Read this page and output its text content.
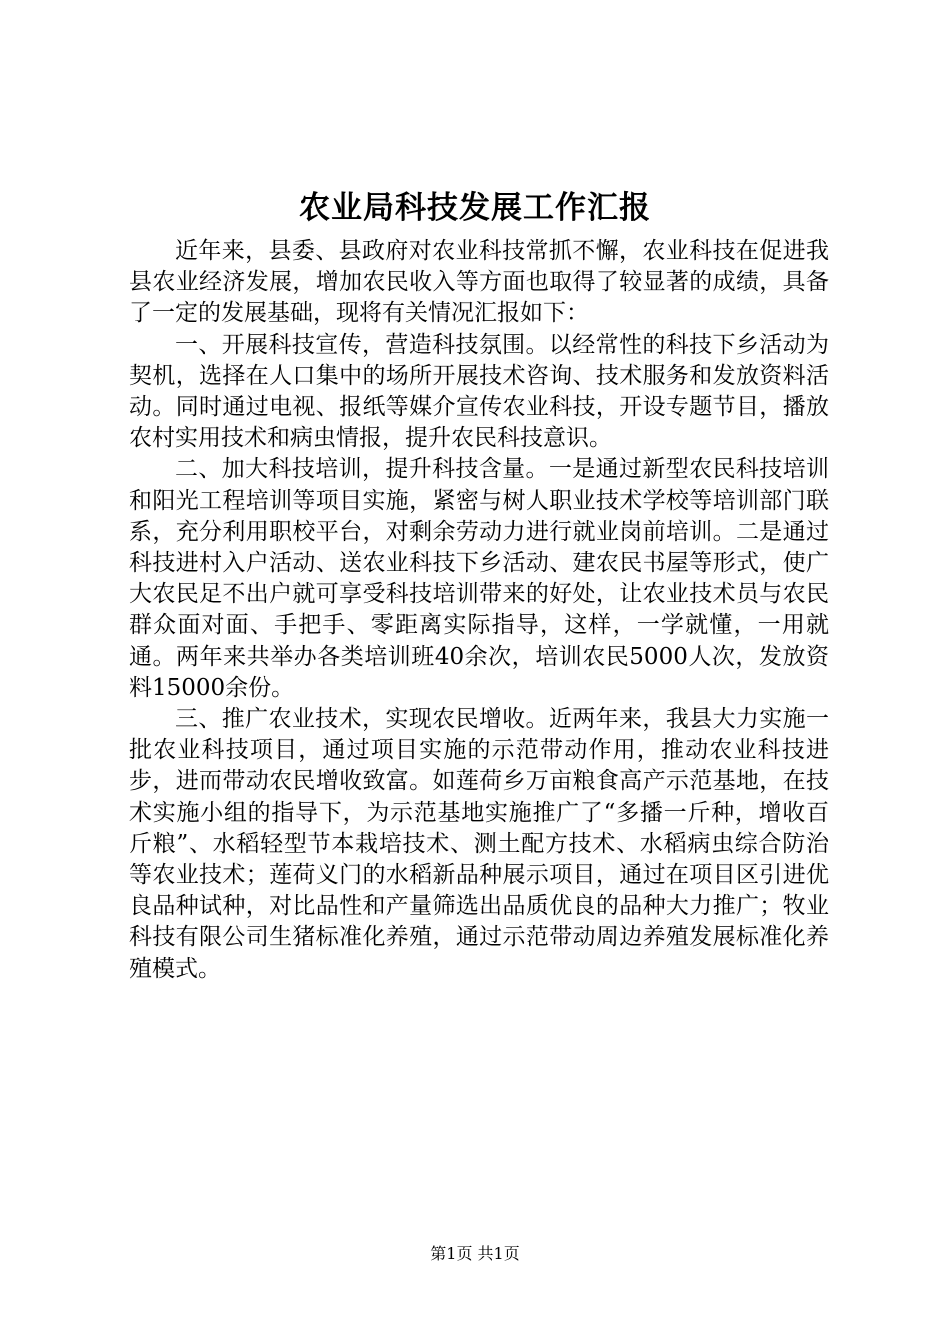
农业局科技发展工作汇报

近年来，县委、县政府对农业科技常抓不懈，农业科技在促进我县农业经济发展，增加农民收入等方面也取得了较显著的成绩，具备了一定的发展基础，现将有关情况汇报如下：

一、开展科技宣传，营造科技氛围。以经常性的科技下乡活动为契机，选择在人口集中的场所开展技术咨询、技术服务和发放资料活动。同时通过电视、报纸等媒介宣传农业科技，开设专题节目，播放农村实用技术和病虫情报，提升农民科技意识。

二、加大科技培训，提升科技含量。一是通过新型农民科技培训和阳光工程培训等项目实施，紧密与树人职业技术学校等培训部门联系，充分利用职校平台，对剩余劳动力进行就业岗前培训。二是通过科技进村入户活动、送农业科技下乡活动、建农民书屋等形式，使广大农民足不出户就可享受科技培训带来的好处，让农业技术员与农民群众面对面、手把手、零距离实际指导，这样，一学就懂，一用就通。两年来共举办各类培训班40余次，培训农民5000人次，发放资料15000余份。

三、推广农业技术，实现农民增收。近两年来，我县大力实施一批农业科技项目，通过项目实施的示范带动作用，推动农业科技进步，进而带动农民增收致富。如莲荷乡万亩粮食高产示范基地，在技术实施小组的指导下，为示范基地实施推广了“多播一斤种，增收百斤粮”、水稻轻型节本栽培技术、测土配方技术、水稻病虫综合防治等农业技术；莲荷义门的水稻新品种展示项目，通过在项目区引进优良品种试种，对比品性和产量筛选出品质优良的品种大力推广；牧业科技有限公司生猪标准化养殖，通过示范带动周边养殖发展标准化养殖模式。

第1页 共1页
